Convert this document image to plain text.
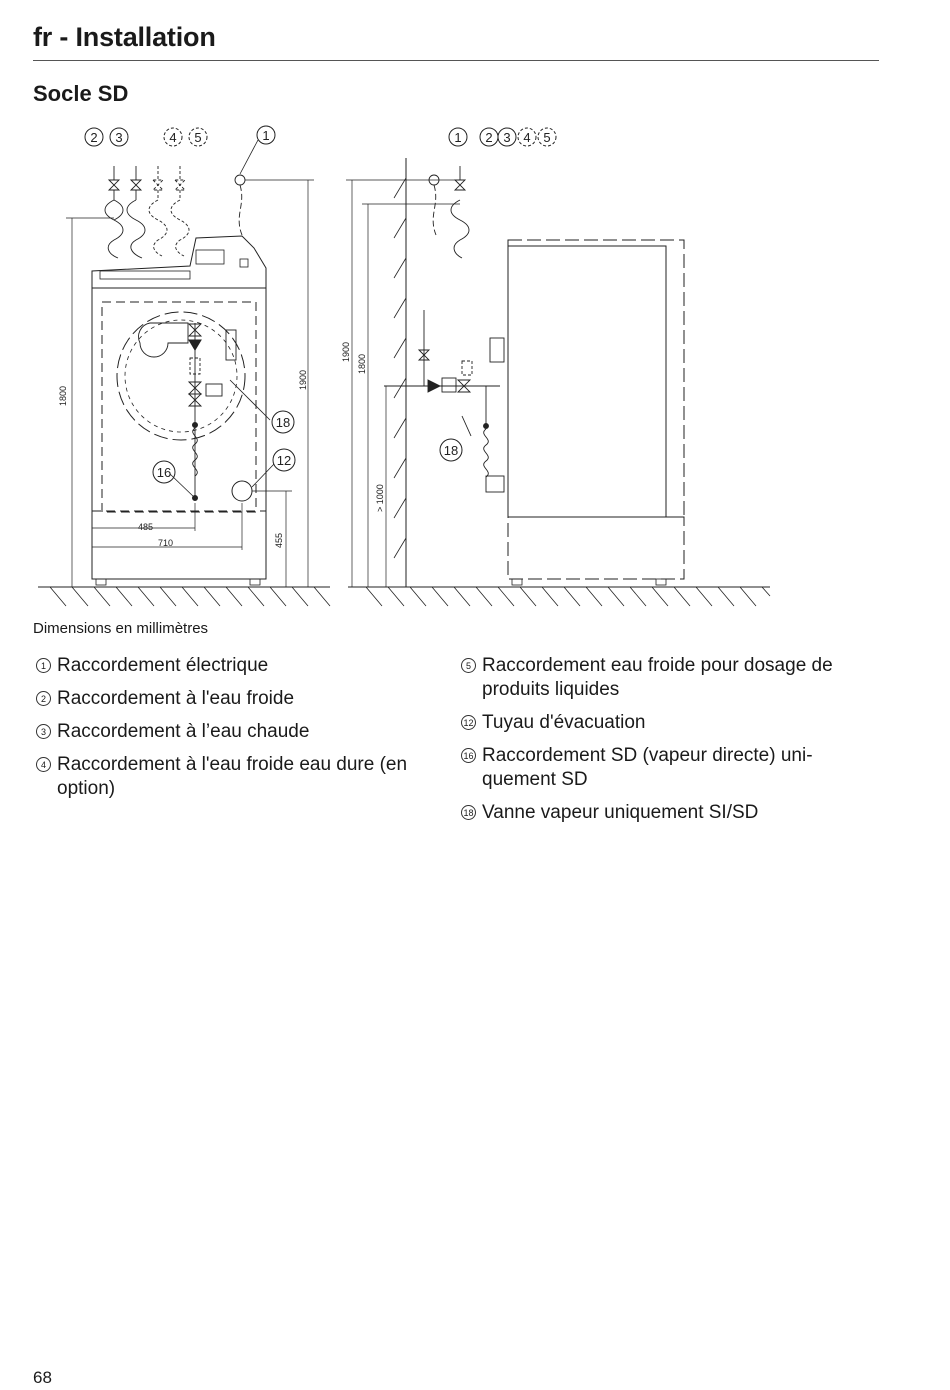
fr - Installation
Socle SD
2 3	4 5	1
18
12
16
1 2 3 4 5
18
1800
1900
485
710	455
1900
1800
> 1000
Dimensions en millimètres
1 Raccordement électrique
2 Raccordement à l'eau froide
3 Raccordement à l’eau chaude
4 Raccordement à l'eau froide eau dure (en option)
5 Raccordement eau froide pour dosage de produits liquides
12 Tuyau d'évacuation
16 Raccordement SD (vapeur directe) uni-quement SD
18 Vanne vapeur uniquement SI/SD
68
